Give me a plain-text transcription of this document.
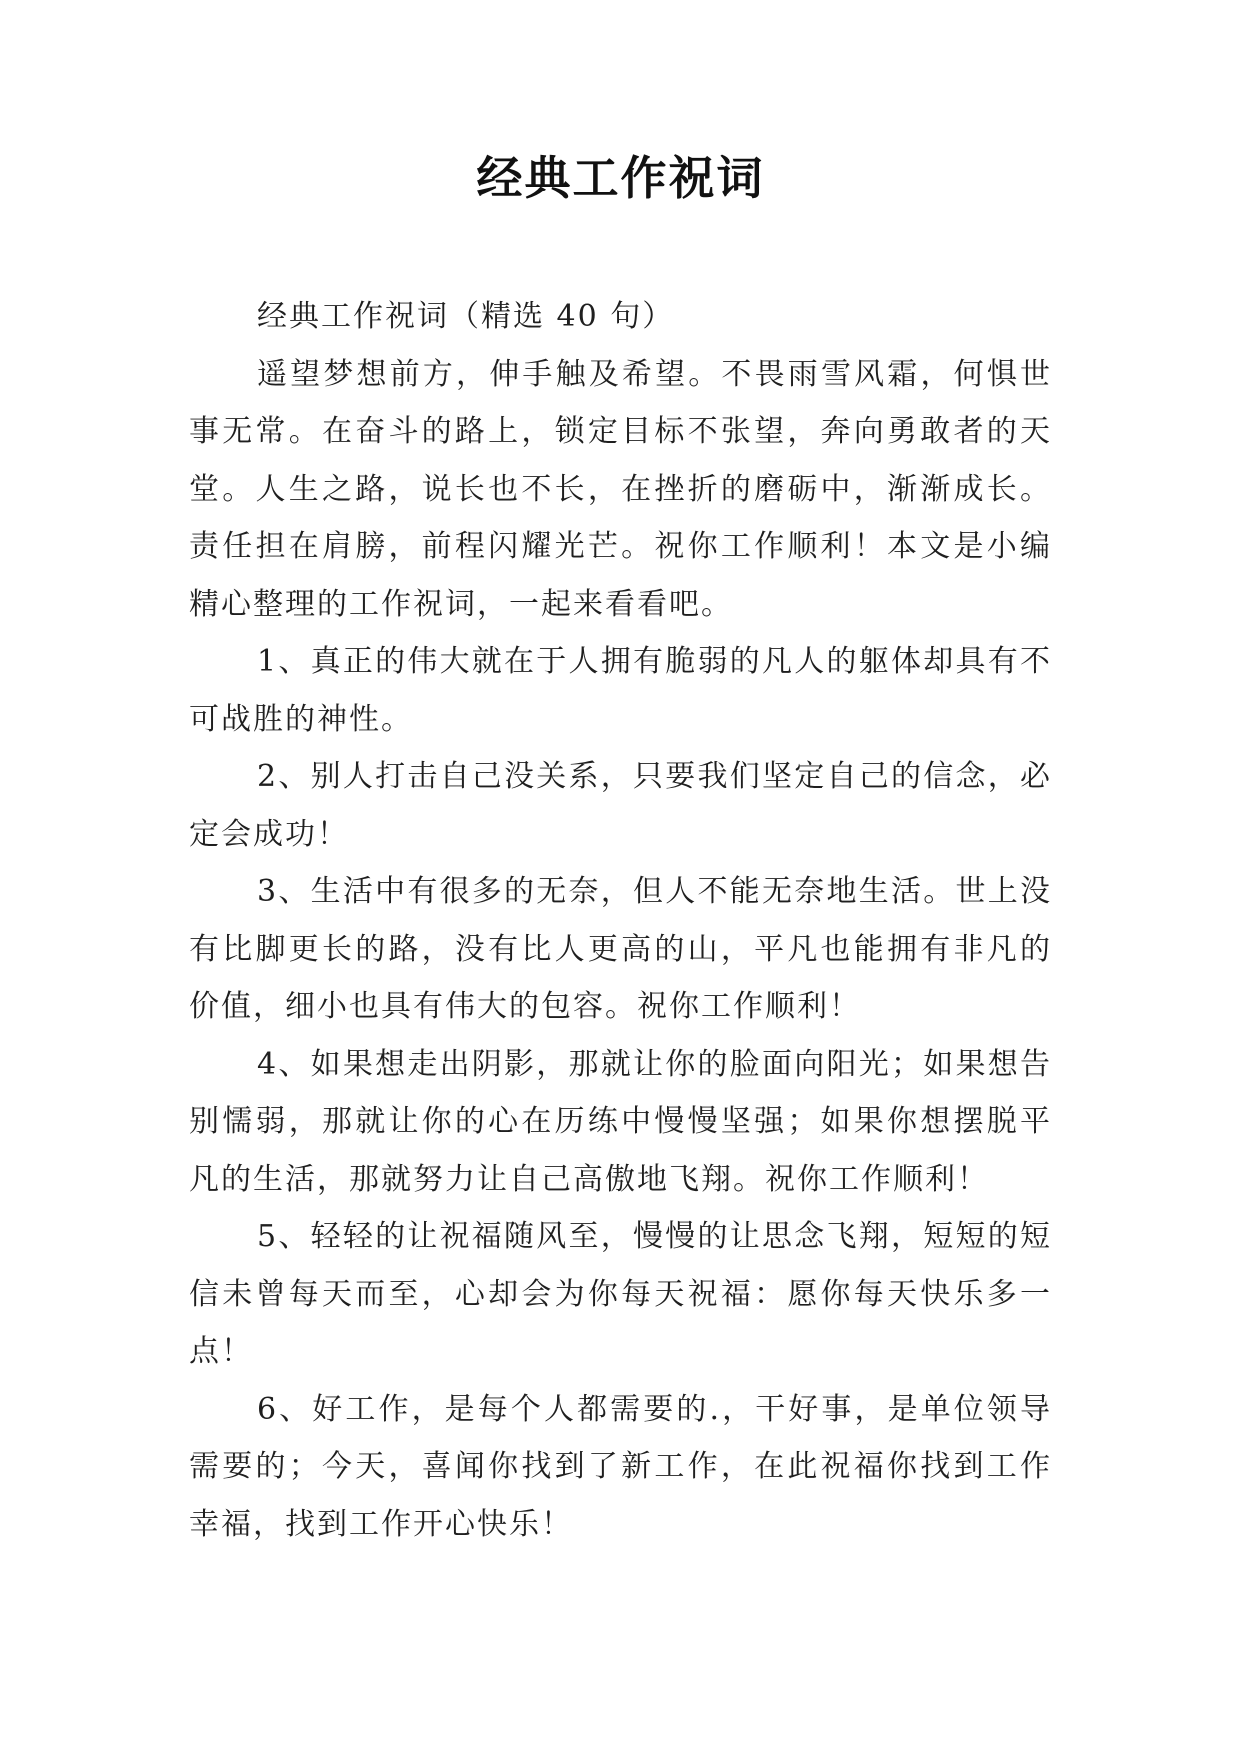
经典工作祝词

经典工作祝词（精选 40 句）

遥望梦想前方，伸手触及希望。不畏雨雪风霜，何惧世事无常。在奋斗的路上，锁定目标不张望，奔向勇敢者的天堂。人生之路，说长也不长，在挫折的磨砺中，渐渐成长。责任担在肩膀，前程闪耀光芒。祝你工作顺利！本文是小编精心整理的工作祝词，一起来看看吧。

1、真正的伟大就在于人拥有脆弱的凡人的躯体却具有不可战胜的神性。

2、别人打击自己没关系，只要我们坚定自己的信念，必定会成功！

3、生活中有很多的无奈，但人不能无奈地生活。世上没有比脚更长的路，没有比人更高的山，平凡也能拥有非凡的价值，细小也具有伟大的包容。祝你工作顺利！

4、如果想走出阴影，那就让你的脸面向阳光；如果想告别懦弱，那就让你的心在历练中慢慢坚强；如果你想摆脱平凡的生活，那就努力让自己高傲地飞翔。祝你工作顺利！

5、轻轻的让祝福随风至，慢慢的让思念飞翔，短短的短信未曾每天而至，心却会为你每天祝福：愿你每天快乐多一点！

6、好工作，是每个人都需要的.，干好事，是单位领导需要的；今天，喜闻你找到了新工作，在此祝福你找到工作幸福，找到工作开心快乐！
